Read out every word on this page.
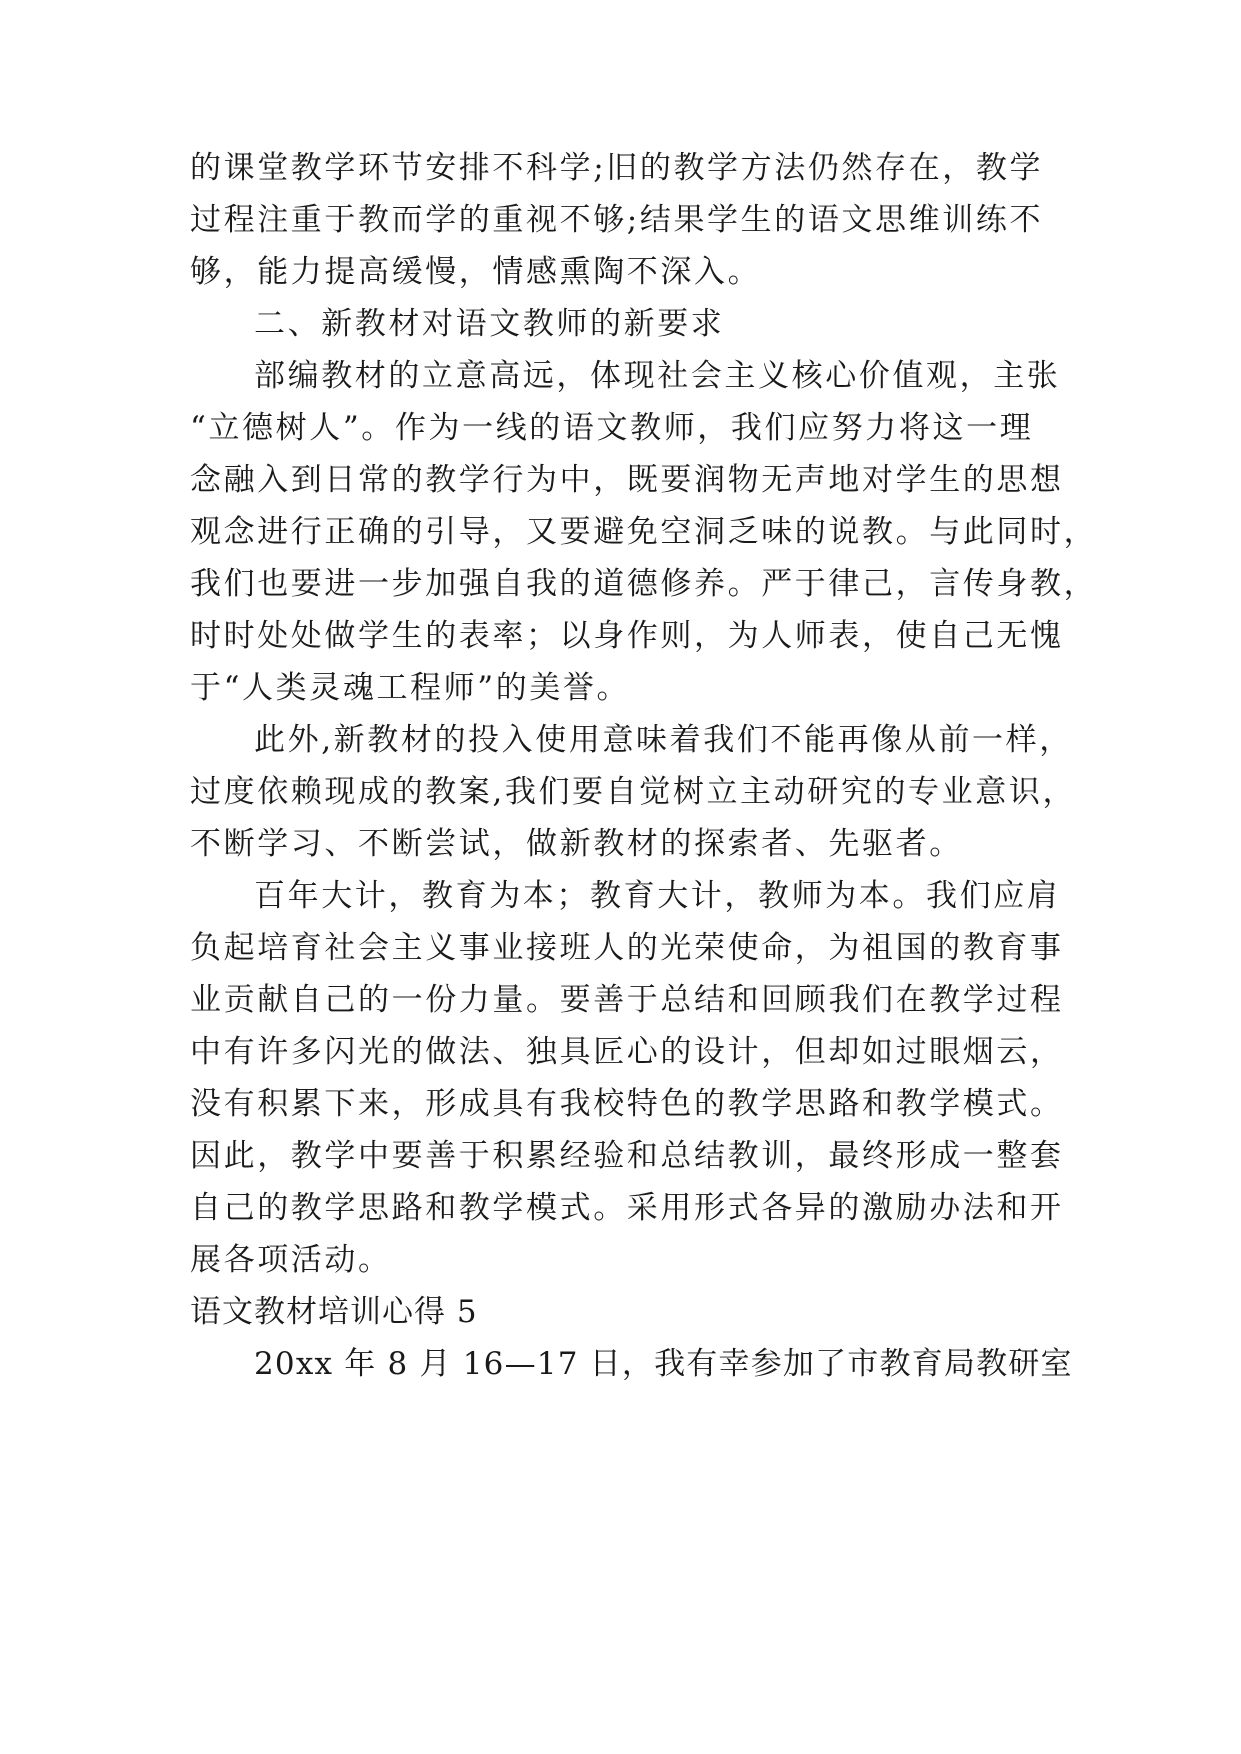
的课堂教学环节安排不科学;旧的教学方法仍然存在，教学
过程注重于教而学的重视不够;结果学生的语文思维训练不
够，能力提高缓慢，情感熏陶不深入。
二、新教材对语文教师的新要求
部编教材的立意高远，体现社会主义核心价值观，主张
“立德树人”。作为一线的语文教师，我们应努力将这一理
念融入到日常的教学行为中，既要润物无声地对学生的思想
观念进行正确的引导，又要避免空洞乏味的说教。与此同时，
我们也要进一步加强自我的道德修养。严于律己，言传身教，
时时处处做学生的表率；以身作则，为人师表，使自己无愧
于“人类灵魂工程师”的美誉。
此外,新教材的投入使用意味着我们不能再像从前一样，
过度依赖现成的教案,我们要自觉树立主动研究的专业意识，
不断学习、不断尝试，做新教材的探索者、先驱者。
百年大计，教育为本；教育大计，教师为本。我们应肩
负起培育社会主义事业接班人的光荣使命，为祖国的教育事
业贡献自己的一份力量。要善于总结和回顾我们在教学过程
中有许多闪光的做法、独具匠心的设计，但却如过眼烟云，
没有积累下来，形成具有我校特色的教学思路和教学模式。
因此，教学中要善于积累经验和总结教训，最终形成一整套
自己的教学思路和教学模式。采用形式各异的激励办法和开
展各项活动。
语文教材培训心得 5
20xx 年 8 月 16—17 日，我有幸参加了市教育局教研室
